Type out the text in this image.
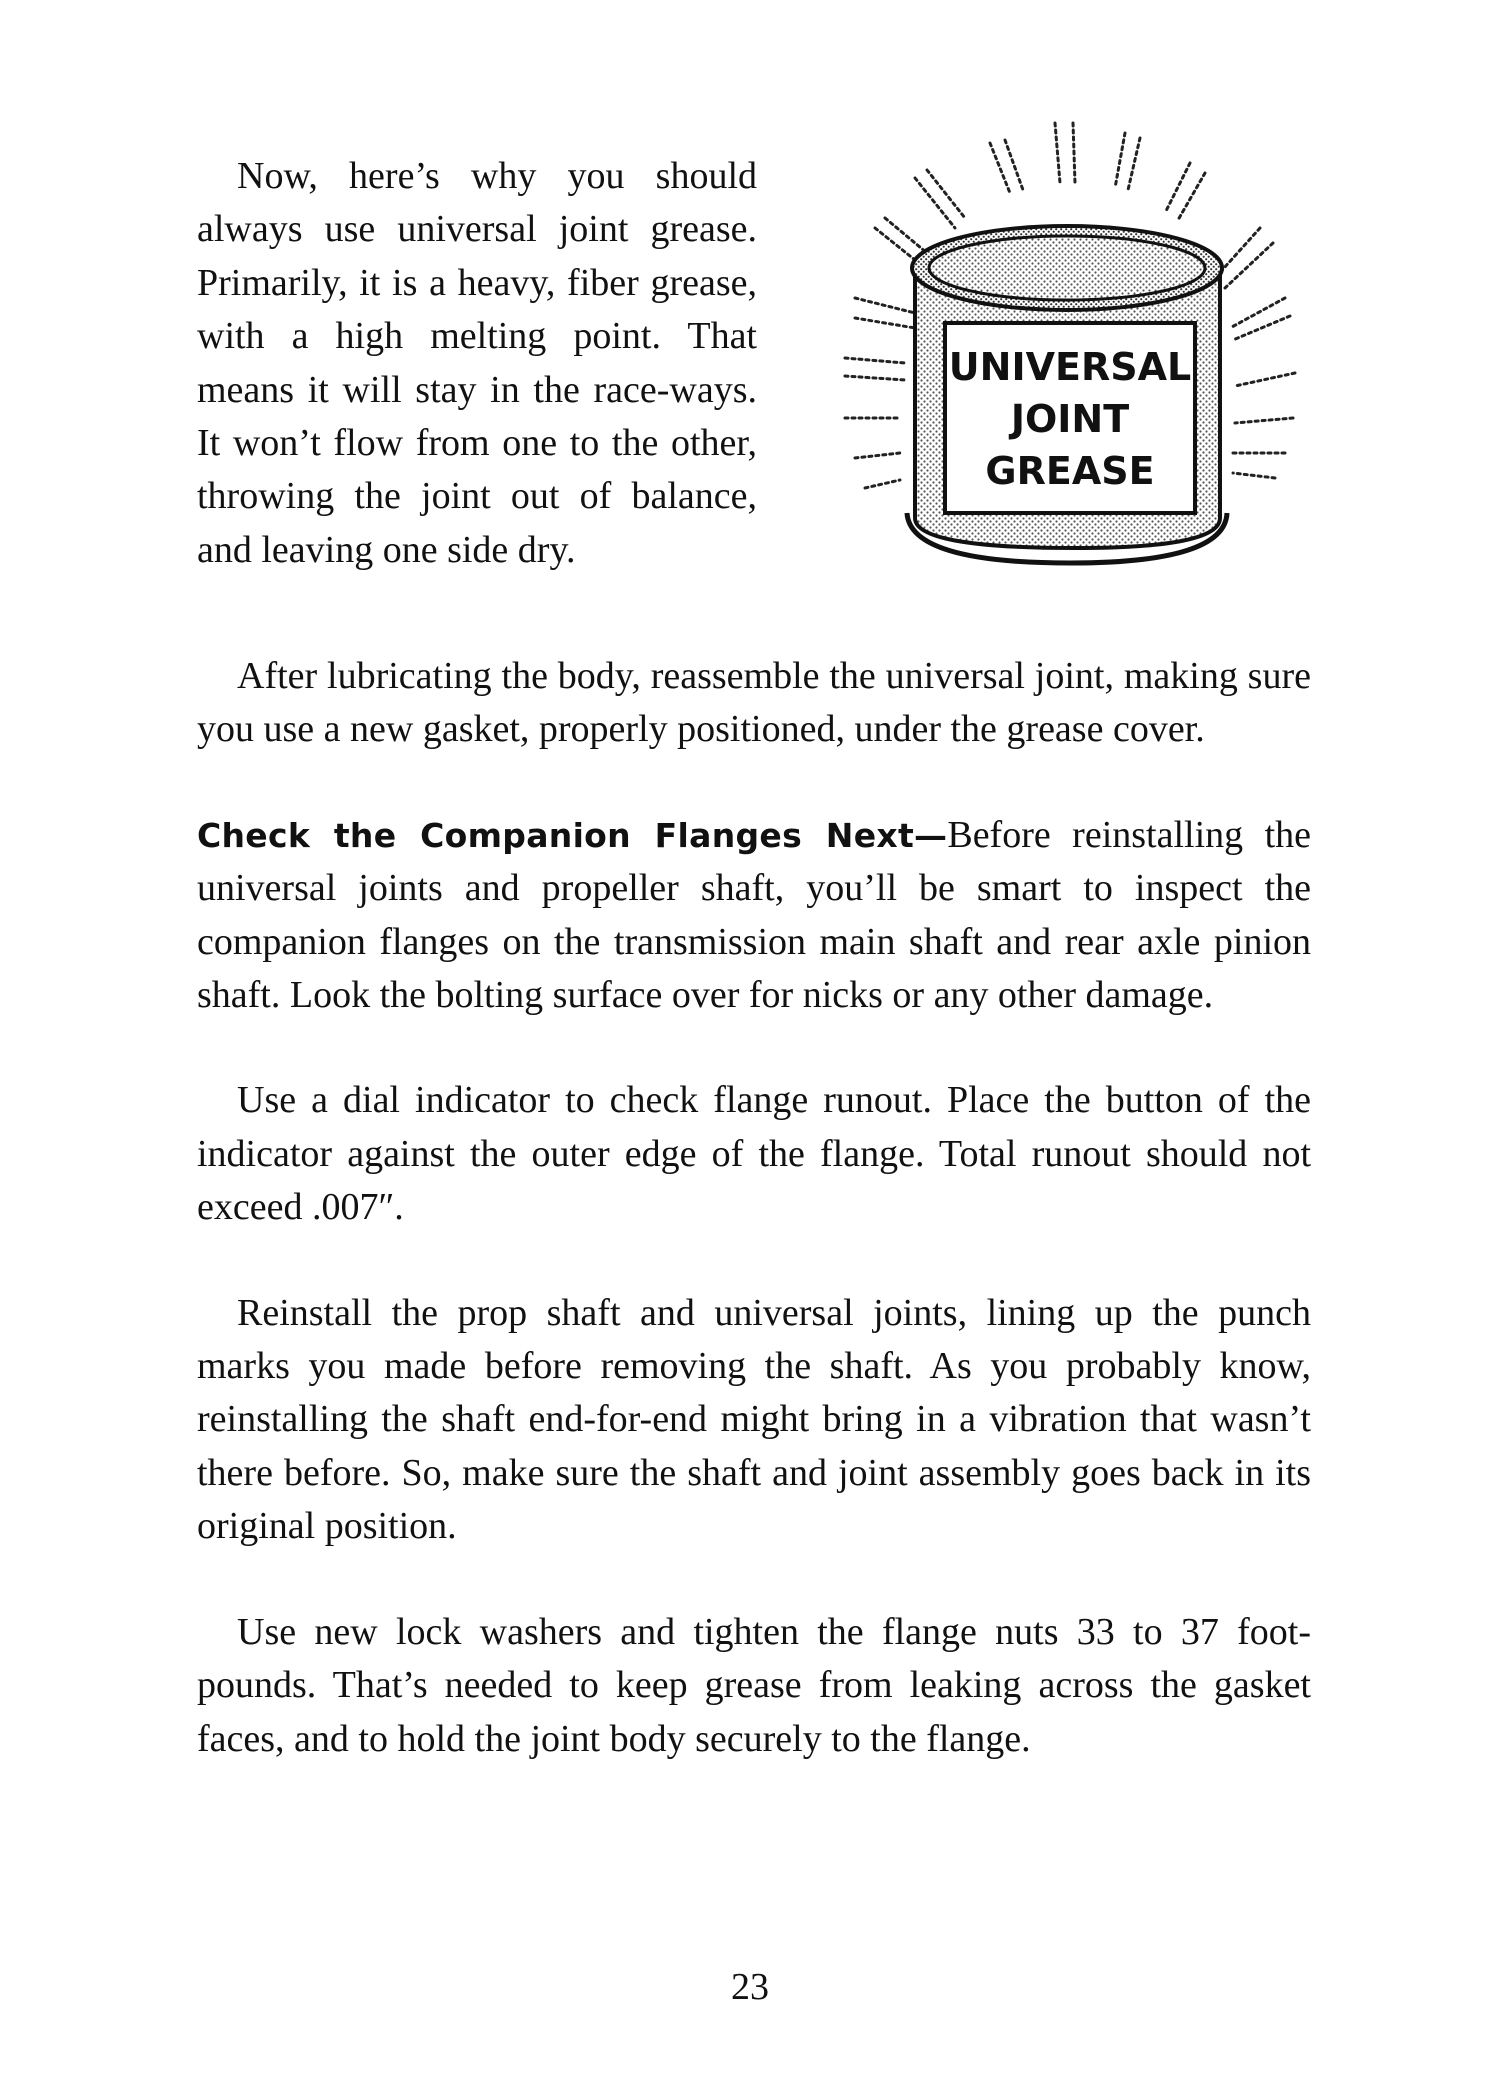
Now, here’s why you should always use universal joint grease. Primarily, it is a heavy, fiber grease, with a high melting point. That means it will stay in the race-ways. It won’t flow from one to the other, throwing the joint out of balance, and leaving one side dry.

UNIVERSAL
JOINT
GREASE

After lubricating the body, reassemble the universal joint, making sure you use a new gasket, properly positioned, under the grease cover.

Check the Companion Flanges Next—Before reinstalling the universal joints and propeller shaft, you’ll be smart to inspect the companion flanges on the transmission main shaft and rear axle pinion shaft. Look the bolting surface over for nicks or any other damage.

Use a dial indicator to check flange runout. Place the button of the indicator against the outer edge of the flange. Total runout should not exceed .007″.

Reinstall the prop shaft and universal joints, lining up the punch marks you made before removing the shaft. As you probably know, reinstalling the shaft end-for-end might bring in a vibration that wasn’t there before. So, make sure the shaft and joint assembly goes back in its original position.

Use new lock washers and tighten the flange nuts 33 to 37 foot-pounds. That’s needed to keep grease from leaking across the gasket faces, and to hold the joint body securely to the flange.

23
